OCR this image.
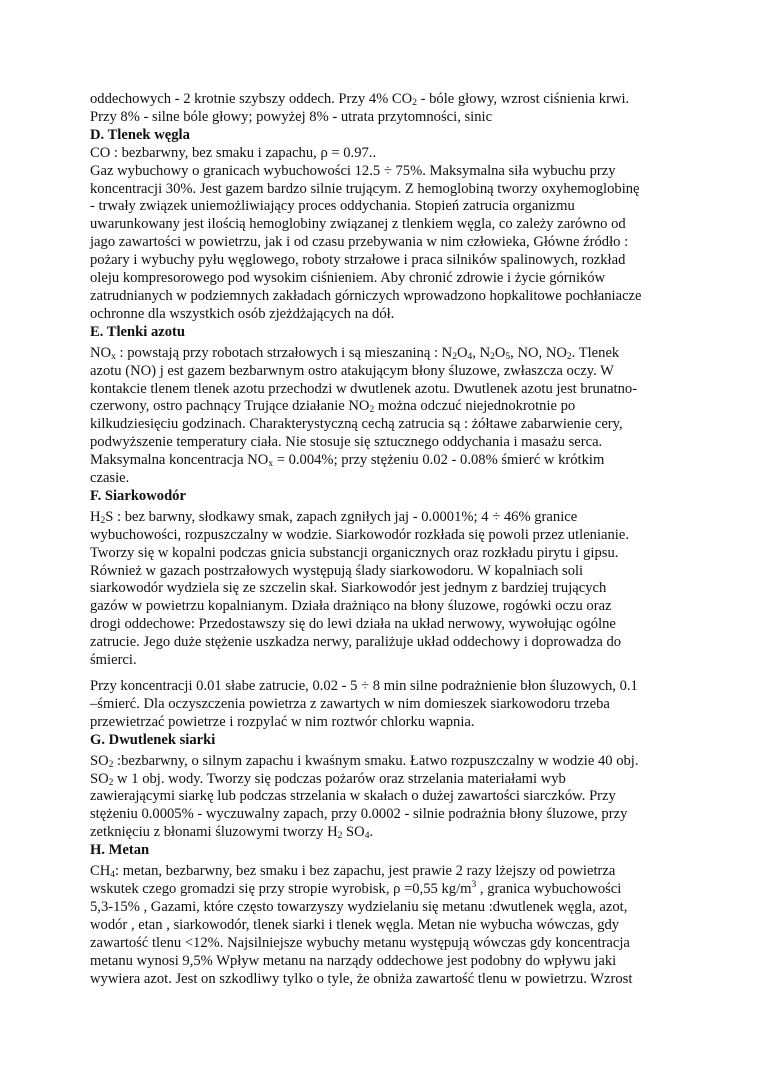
oddechowych - 2 krotnie szybszy oddech. Przy 4% $CO_2$ - bóle głowy, wzrost ciśnienia krwi.
Przy 8% - silne bóle głowy; powyżej 8% - utrata przytomności, sinic
D. Tlenek węgla
CO : bezbarwny, bez smaku i zapachu, ρ = 0.97..
Gaz wybuchowy o granicach wybuchowości 12.5 ÷ 75%. Maksymalna siła wybuchu przy
koncentracji 30%. Jest gazem bardzo silnie trującym. Z hemoglobiną tworzy oxyhemoglobinę
- trwały związek uniemożliwiający proces oddychania. Stopień zatrucia organizmu
uwarunkowany jest ilością hemoglobiny związanej z tlenkiem węgla, co zależy zarówno od
jago zawartości w powietrzu, jak i od czasu przebywania w nim człowieka, Główne źródło :
pożary i wybuchy pyłu węglowego, roboty strzałowe i praca silników spalinowych, rozkład
oleju kompresorowego pod wysokim ciśnieniem. Aby chronić zdrowie i życie górników
zatrudnianych w podziemnych zakładach górniczych wprowadzono hopkalitowe pochłaniacze
ochronne dla wszystkich osób zjeżdżających na dół.
E. Tlenki azotu
$NO_x$ : powstają przy robotach strzałowych i są mieszaniną : $N_2O_4$, $N_2O_5$, NO, $NO_2$. Tlenek
azotu (NO) j est gazem bezbarwnym ostro atakującym błony śluzowe, zwłaszcza oczy. W
kontakcie tlenem tlenek azotu przechodzi w dwutlenek azotu. Dwutlenek azotu jest brunatno-
czerwony, ostro pachnący Trujące działanie $NO_2$ można odczuć niejednokrotnie po
kilkudziesięciu godzinach. Charakterystyczną cechą zatrucia są : żółtawe zabarwienie cery,
podwyższenie temperatury ciała. Nie stosuje się sztucznego oddychania i masażu serca.
Maksymalna koncentracja $NO_x = 0.004\%$; przy stężeniu 0.02 - 0.08% śmierć w krótkim
czasie.
F. Siarkowodór
$H_2S$ : bez barwny, słodkawy smak, zapach zgniłych jaj - 0.0001%; 4 ÷ 46% granice
wybuchowości, rozpuszczalny w wodzie. Siarkowodór rozkłada się powoli przez utlenianie.
Tworzy się w kopalni podczas gnicia substancji organicznych oraz rozkładu pirytu i gipsu.
Również w gazach postrzałowych występują ślady siarkowodoru. W kopalniach soli
siarkowodór wydziela się ze szczelin skał. Siarkowodór jest jednym z bardziej trujących
gazów w powietrzu kopalnianym. Działa drażniąco na błony śluzowe, rogówki oczu oraz
drogi oddechowe: Przedostawszy się do lewi działa na układ nerwowy, wywołując ogólne
zatrucie. Jego duże stężenie uszkadza nerwy, paraliżuje układ oddechowy i doprowadza do
śmierci.
Przy koncentracji 0.01 słabe zatrucie, 0.02 - 5 ÷ 8 min silne podrażnienie błon śluzowych, 0.1
–śmierć. Dla oczyszczenia powietrza z zawartych w nim domieszek siarkowodoru trzeba
przewietrzać powietrze i rozpylać w nim roztwór chlorku wapnia.
G. Dwutlenek siarki
$SO_2$ :bezbarwny, o silnym zapachu i kwaśnym smaku. Łatwo rozpuszczalny w wodzie 40 obj.
$SO_2$ w 1 obj. wody. Tworzy się podczas pożarów oraz strzelania materiałami wyb
zawierającymi siarkę lub podczas strzelania w skałach o dużej zawartości siarczków. Przy
stężeniu 0.0005% - wyczuwalny zapach, przy 0.0002 - silnie podrażnia błony śluzowe, przy
zetknięciu z błonami śluzowymi tworzy $H_2$ $SO_4$.
H. Metan
$CH_4$: metan, bezbarwny, bez smaku i bez zapachu, jest prawie 2 razy lżejszy od powietrza
wskutek czego gromadzi się przy stropie wyrobisk, ρ =0,55 $kg/m^3$ , granica wybuchowości
5,3-15% , Gazami, które często towarzyszy wydzielaniu się metanu :dwutlenek węgla, azot,
wodór , etan , siarkowodór, tlenek siarki i tlenek węgla. Metan nie wybucha wówczas, gdy
zawartość tlenu <12%. Najsilniejsze wybuchy metanu występują wówczas gdy koncentracja
metanu wynosi 9,5% Wpływ metanu na narządy oddechowe jest podobny do wpływu jaki
wywiera azot. Jest on szkodliwy tylko o tyle, że obniża zawartość tlenu w powietrzu. Wzrost
